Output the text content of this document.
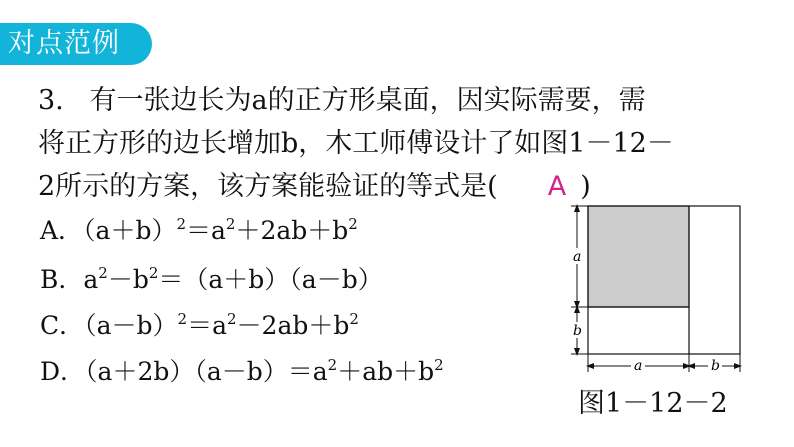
对点范例
3. 有一张边长为a的正方形桌面，因实际需要，需
将正方形的边长增加b，木工师傅设计了如图1－12－
2所示的方案，该方案能验证的等式是( A )
A．$(a+b)^2=a^2+2ab+b^2$
B．$a^2-b^2=(a+b)(a-b)$
C．$(a-b)^2=a^2-2ab+b^2$
D．$(a+2b)(a-b)=a^2+ab+b^2$
a
b
a	b
图1－12－2
